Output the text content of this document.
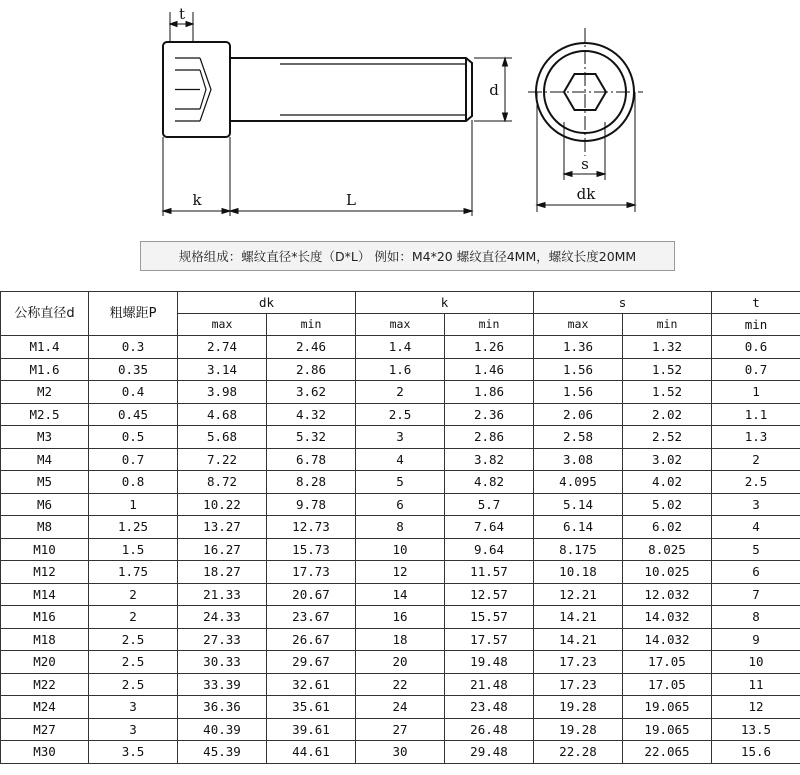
t
d
k	L
s
dk
规格组成：螺纹直径*长度（D*L） 例如：M4*20 螺纹直径4MM，螺纹长度20MM
公称直径d	粗螺距P	dk		k		s		t
		max	min	max	min	max	min	min
M1.4	0.3	2.74	2.46	1.4	1.26	1.36	1.32	0.6
M1.6	0.35	3.14	2.86	1.6	1.46	1.56	1.52	0.7
M2	0.4	3.98	3.62	2	1.86	1.56	1.52	1
M2.5	0.45	4.68	4.32	2.5	2.36	2.06	2.02	1.1
M3	0.5	5.68	5.32	3	2.86	2.58	2.52	1.3
M4	0.7	7.22	6.78	4	3.82	3.08	3.02	2
M5	0.8	8.72	8.28	5	4.82	4.095	4.02	2.5
M6	1	10.22	9.78	6	5.7	5.14	5.02	3
M8	1.25	13.27	12.73	8	7.64	6.14	6.02	4
M10	1.5	16.27	15.73	10	9.64	8.175	8.025	5
M12	1.75	18.27	17.73	12	11.57	10.18	10.025	6
M14	2	21.33	20.67	14	12.57	12.21	12.032	7
M16	2	24.33	23.67	16	15.57	14.21	14.032	8
M18	2.5	27.33	26.67	18	17.57	14.21	14.032	9
M20	2.5	30.33	29.67	20	19.48	17.23	17.05	10
M22	2.5	33.39	32.61	22	21.48	17.23	17.05	11
M24	3	36.36	35.61	24	23.48	19.28	19.065	12
M27	3	40.39	39.61	27	26.48	19.28	19.065	13.5
M30	3.5	45.39	44.61	30	29.48	22.28	22.065	15.6
